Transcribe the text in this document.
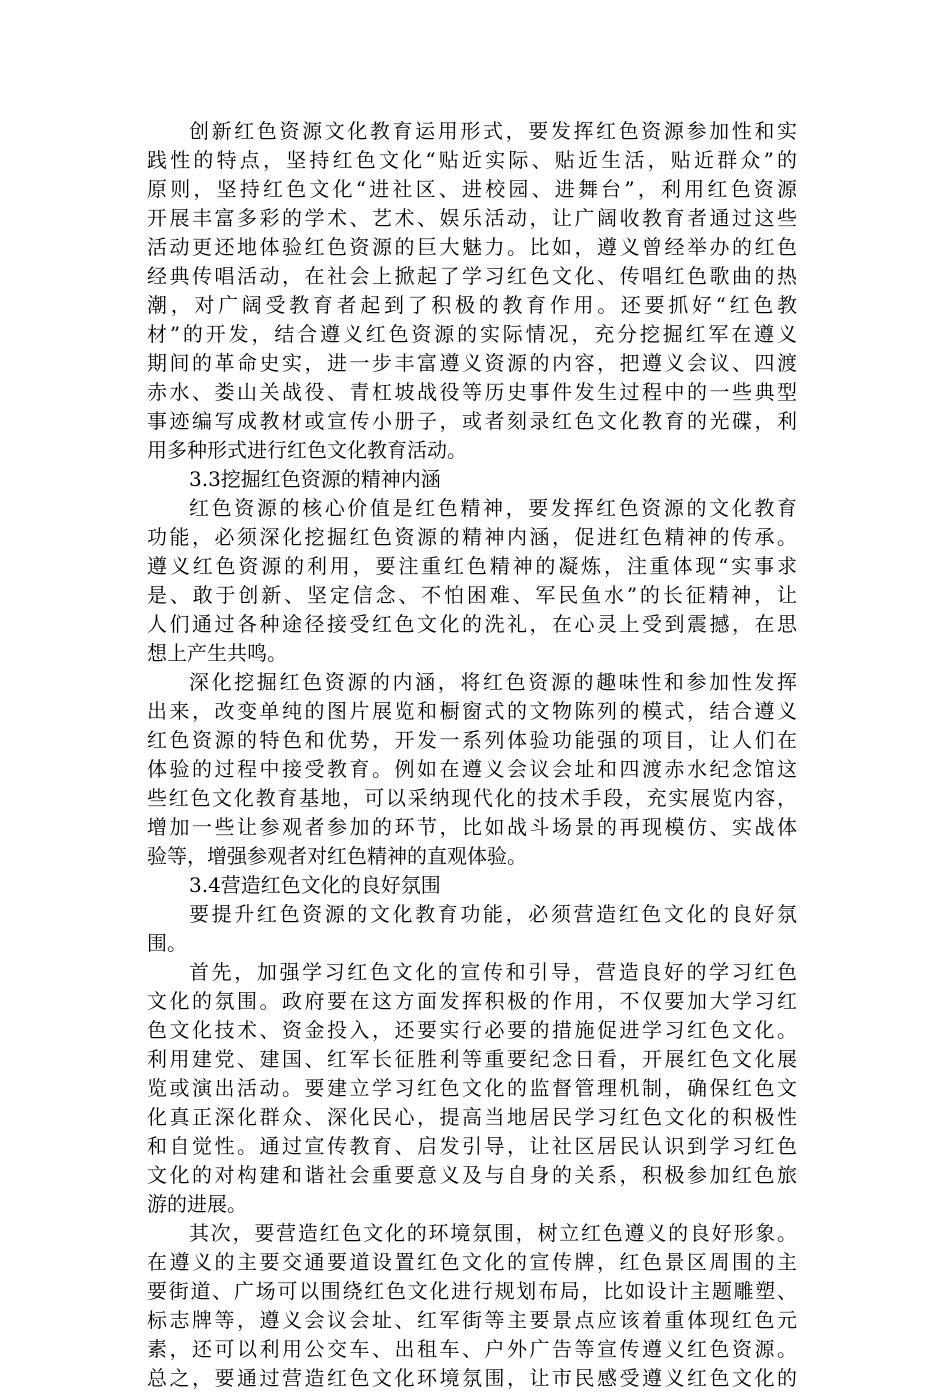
创新红色资源文化教育运用形式，要发挥红色资源参加性和实
践性的特点，坚持红色文化“贴近实际、贴近生活，贴近群众”的
原则，坚持红色文化“进社区、进校园、进舞台”，利用红色资源
开展丰富多彩的学术、艺术、娱乐活动，让广阔收教育者通过这些
活动更还地体验红色资源的巨大魅力。比如，遵义曾经举办的红色
经典传唱活动，在社会上掀起了学习红色文化、传唱红色歌曲的热
潮，对广阔受教育者起到了积极的教育作用。还要抓好“红色教
材”的开发，结合遵义红色资源的实际情况，充分挖掘红军在遵义
期间的革命史实，进一步丰富遵义资源的内容，把遵义会议、四渡
赤水、娄山关战役、青杠坡战役等历史事件发生过程中的一些典型
事迹编写成教材或宣传小册子，或者刻录红色文化教育的光碟，利
用多种形式进行红色文化教育活动。
3.3挖掘红色资源的精神内涵
红色资源的核心价值是红色精神，要发挥红色资源的文化教育
功能，必须深化挖掘红色资源的精神内涵，促进红色精神的传承。
遵义红色资源的利用，要注重红色精神的凝炼，注重体现“实事求
是、敢于创新、坚定信念、不怕困难、军民鱼水”的长征精神，让
人们通过各种途径接受红色文化的洗礼，在心灵上受到震撼，在思
想上产生共鸣。
深化挖掘红色资源的内涵，将红色资源的趣味性和参加性发挥
出来，改变单纯的图片展览和橱窗式的文物陈列的模式，结合遵义
红色资源的特色和优势，开发一系列体验功能强的项目，让人们在
体验的过程中接受教育。例如在遵义会议会址和四渡赤水纪念馆这
些红色文化教育基地，可以采纳现代化的技术手段，充实展览内容，
增加一些让参观者参加的环节，比如战斗场景的再现模仿、实战体
验等，增强参观者对红色精神的直观体验。
3.4营造红色文化的良好氛围
要提升红色资源的文化教育功能，必须营造红色文化的良好氛
围。
首先，加强学习红色文化的宣传和引导，营造良好的学习红色
文化的氛围。政府要在这方面发挥积极的作用，不仅要加大学习红
色文化技术、资金投入，还要实行必要的措施促进学习红色文化。
利用建党、建国、红军长征胜利等重要纪念日看，开展红色文化展
览或演出活动。要建立学习红色文化的监督管理机制，确保红色文
化真正深化群众、深化民心，提高当地居民学习红色文化的积极性
和自觉性。通过宣传教育、启发引导，让社区居民认识到学习红色
文化的对构建和谐社会重要意义及与自身的关系，积极参加红色旅
游的进展。
其次，要营造红色文化的环境氛围，树立红色遵义的良好形象。
在遵义的主要交通要道设置红色文化的宣传牌，红色景区周围的主
要街道、广场可以围绕红色文化进行规划布局，比如设计主题雕塑、
标志牌等，遵义会议会址、红军街等主要景点应该着重体现红色元
素，还可以利用公交车、出租车、户外广告等宣传遵义红色资源。
总之，要通过营造红色文化环境氛围，让市民感受遵义红色文化的
